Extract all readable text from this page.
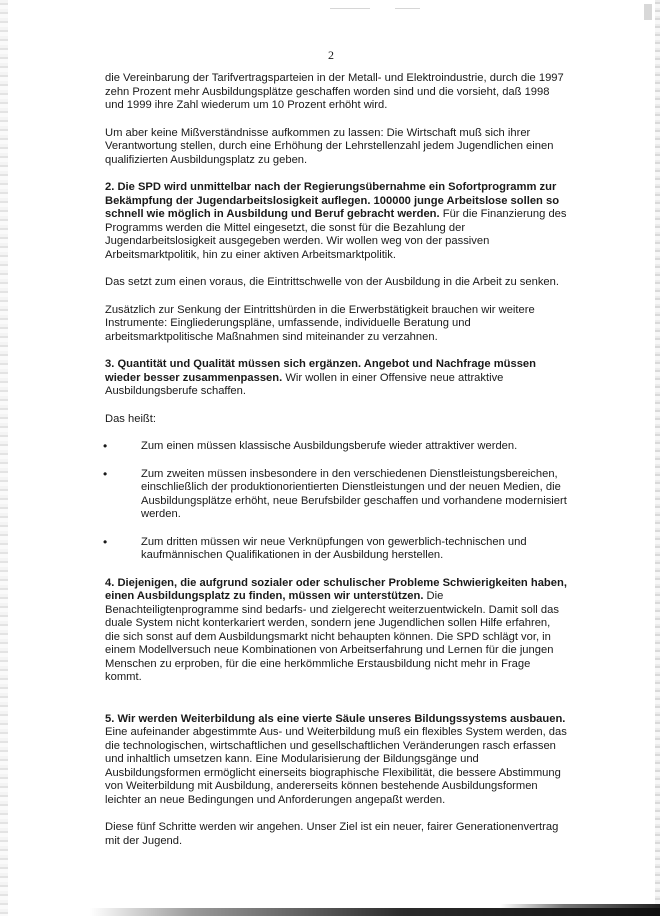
2

die Vereinbarung der Tarifvertragsparteien in der Metall- und Elektroindustrie, durch die 1997 zehn Prozent mehr Ausbildungsplätze geschaffen worden sind und die vorsieht, daß 1998 und 1999 ihre Zahl wiederum um 10 Prozent erhöht wird.

Um aber keine Mißverständnisse aufkommen zu lassen: Die Wirtschaft muß sich ihrer Verantwortung stellen, durch eine Erhöhung der Lehrstellenzahl jedem Jugendlichen einen qualifizierten Ausbildungsplatz zu geben.

2. Die SPD wird unmittelbar nach der Regierungsübernahme ein Sofortprogramm zur Bekämpfung der Jugendarbeitslosigkeit auflegen. 100000 junge Arbeitslose sollen so schnell wie möglich in Ausbildung und Beruf gebracht werden. Für die Finanzierung des Programms werden die Mittel eingesetzt, die sonst für die Bezahlung der Jugendarbeitslosigkeit ausgegeben werden. Wir wollen weg von der passiven Arbeitsmarktpolitik, hin zu einer aktiven Arbeitsmarktpolitik.

Das setzt zum einen voraus, die Eintrittschwelle von der Ausbildung in die Arbeit zu senken.

Zusätzlich zur Senkung der Eintrittshürden in die Erwerbstätigkeit brauchen wir weitere Instrumente: Eingliederungspläne, umfassende, individuelle Beratung und arbeitsmarktpolitische Maßnahmen sind miteinander zu verzahnen.

3. Quantität und Qualität müssen sich ergänzen. Angebot und Nachfrage müssen wieder besser zusammenpassen. Wir wollen in einer Offensive neue attraktive Ausbildungsberufe schaffen.

Das heißt:

•	Zum einen müssen klassische Ausbildungsberufe wieder attraktiver werden.
•	Zum zweiten müssen insbesondere in den verschiedenen Dienstleistungsbereichen, einschließlich der produktionorientierten Dienstleistungen und der neuen Medien, die Ausbildungsplätze erhöht, neue Berufsbilder geschaffen und vorhandene modernisiert werden.
•	Zum dritten müssen wir neue Verknüpfungen von gewerblich-technischen und kaufmännischen Qualifikationen in der Ausbildung herstellen.

4. Diejenigen, die aufgrund sozialer oder schulischer Probleme Schwierigkeiten haben, einen Ausbildungsplatz zu finden, müssen wir unterstützen. Die Benachteiligtenprogramme sind bedarfs- und zielgerecht weiterzuentwickeln. Damit soll das duale System nicht konterkariert werden, sondern jene Jugendlichen sollen Hilfe erfahren, die sich sonst auf dem Ausbildungsmarkt nicht behaupten können. Die SPD schlägt vor, in einem Modellversuch neue Kombinationen von Arbeitserfahrung und Lernen für die jungen Menschen zu erproben, für die eine herkömmliche Erstausbildung nicht mehr in Frage kommt.

5. Wir werden Weiterbildung als eine vierte Säule unseres Bildungssystems ausbauen. Eine aufeinander abgestimmte Aus- und Weiterbildung muß ein flexibles System werden, das die technologischen, wirtschaftlichen und gesellschaftlichen Veränderungen rasch erfassen und inhaltlich umsetzen kann. Eine Modularisierung der Bildungsgänge und Ausbildungsformen ermöglicht einerseits biographische Flexibilität, die bessere Abstimmung von Weiterbildung mit Ausbildung, andererseits können bestehende Ausbildungsformen leichter an neue Bedingungen und Anforderungen angepaßt werden.

Diese fünf Schritte werden wir angehen. Unser Ziel ist ein neuer, fairer Generationenvertrag mit der Jugend.
